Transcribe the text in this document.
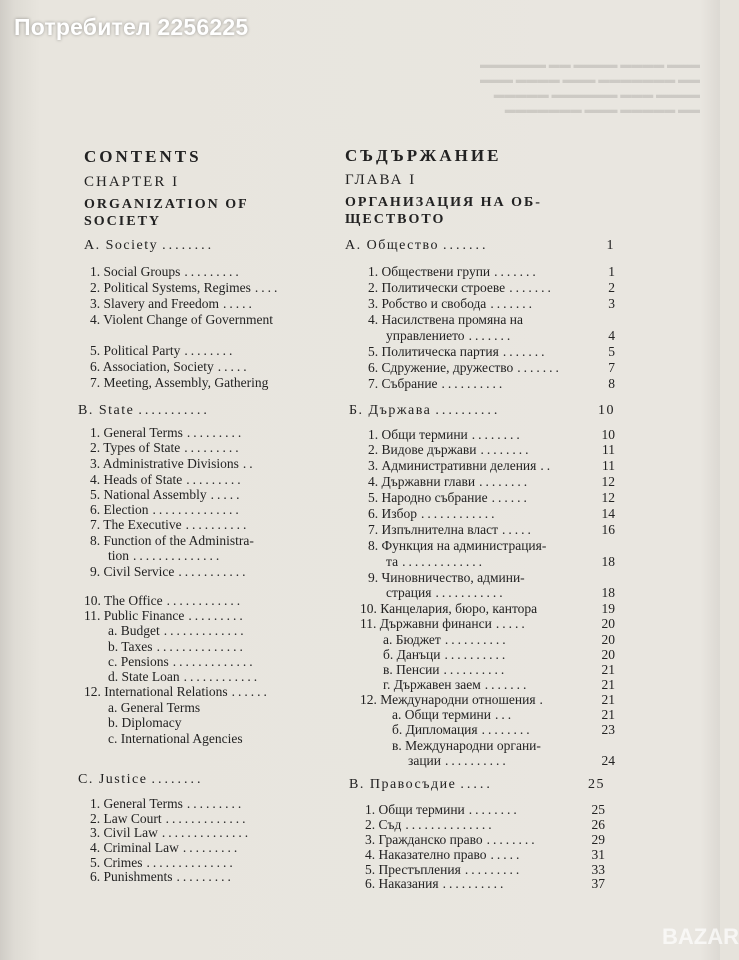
Потребител 2256225
▬▬▬ ▬▬▬▬ ▬▬▬▬ ▬▬ ▬▬▬▬▬▬
▬▬ ▬▬▬▬▬▬▬ ▬▬▬ ▬▬▬▬ ▬▬▬
▬▬▬▬ ▬▬▬ ▬▬▬▬▬▬ ▬▬▬▬▬
▬▬ ▬▬▬▬▬ ▬▬▬ ▬▬▬▬▬▬▬
CONTENTS
CHAPTER I
ORGANIZATION OF
SOCIETY
A. Society ........
1. Social Groups .........
2. Political Systems, Regimes ....
3. Slavery and Freedom .....
4. Violent Change of Government
5. Political Party ........
6. Association, Society .....
7. Meeting, Assembly, Gathering
B. State ...........
1. General Terms .........
2. Types of State .........
3. Administrative Divisions ..
4. Heads of State .........
5. National Assembly .....
6. Election ..............
7. The Executive ..........
8. Function of the Administra-
tion ..............
9. Civil Service ...........
10. The Office ............
11. Public Finance .........
a. Budget .............
b. Taxes ..............
c. Pensions .............
d. State Loan ............
12. International Relations ......
a. General Terms
b. Diplomacy
c. International Agencies
C. Justice ........
1. General Terms .........
2. Law Court .............
3. Civil Law ..............
4. Criminal Law .........
5. Crimes ..............
6. Punishments .........
СЪДЪРЖАНИЕ
ГЛАВА I
ОРГАНИЗАЦИЯ НА ОБ-
ЩЕСТВОТО
А. Общество .......	1
1. Обществени групи .......	1
2. Политически строеве .......	2
3. Робство и свобода .......	3
4. Насилствена промяна на
управлението .......	4
5. Политическа партия .......	5
6. Сдружение, дружество .......	7
7. Събрание ..........	8
Б. Държава ..........	10
1. Общи термини ........	10
2. Видове държави ........	11
3. Административни деления ..	11
4. Държавни глави ........	12
5. Народно събрание ......	12
6. Избор ............	14
7. Изпълнителна власт .....	16
8. Функция на администрация-
та .............	18
9. Чиновничество, админи-
страция ...........	18
10. Канцелария, бюро, кантора	19
11. Държавни финанси .....	20
а. Бюджет ..........	20
б. Данъци ..........	20
в. Пенсии ..........	21
г. Държавен заем .......	21
12. Международни отношения .	21
а. Общи термини ...	21
б. Дипломация ........	23
в. Международни органи-
зации ..........	24
В. Правосъдие .....	25
1. Общи термини ........	25
2. Съд ..............	26
3. Гражданско право ........	29
4. Наказателно право .....	31
5. Престъпления .........	33
6. Наказания ..........	37
BAZAR
